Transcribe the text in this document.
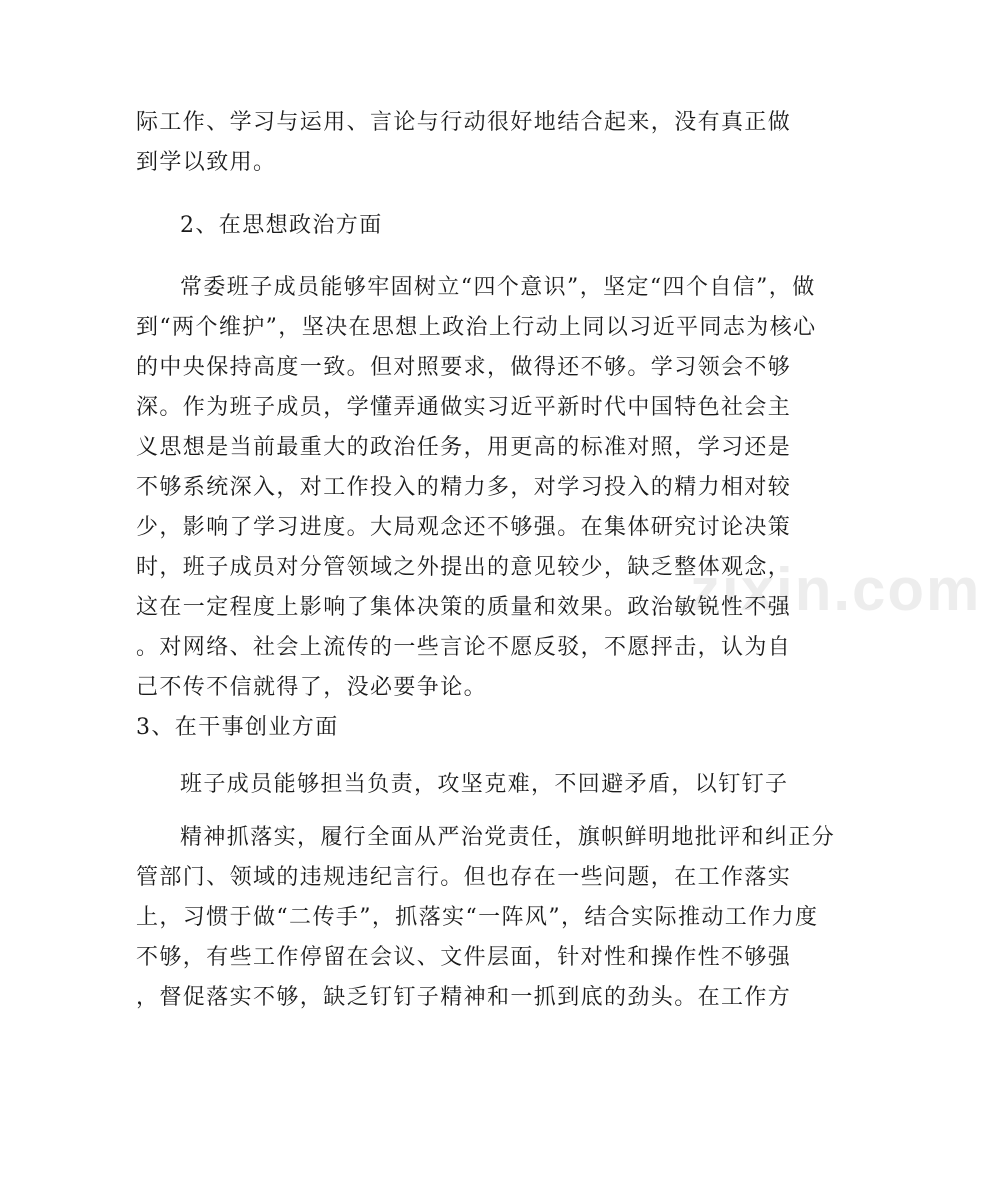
zixin.com
际工作、学习与运用、言论与行动很好地结合起来，没有真正做
到学以致用。
2、在思想政治方面
常委班子成员能够牢固树立“四个意识”，坚定“四个自信”，做
到“两个维护”，坚决在思想上政治上行动上同以习近平同志为核心
的中央保持高度一致。但对照要求，做得还不够。学习领会不够
深。作为班子成员，学懂弄通做实习近平新时代中国特色社会主
义思想是当前最重大的政治任务，用更高的标准对照，学习还是
不够系统深入，对工作投入的精力多，对学习投入的精力相对较
少，影响了学习进度。大局观念还不够强。在集体研究讨论决策
时，班子成员对分管领域之外提出的意见较少，缺乏整体观念，
这在一定程度上影响了集体决策的质量和效果。政治敏锐性不强
。对网络、社会上流传的一些言论不愿反驳，不愿抨击，认为自
己不传不信就得了，没必要争论。
3、在干事创业方面
班子成员能够担当负责，攻坚克难，不回避矛盾，以钉钉子
精神抓落实，履行全面从严治党责任，旗帜鲜明地批评和纠正分
管部门、领域的违规违纪言行。但也存在一些问题，在工作落实
上，习惯于做“二传手”，抓落实“一阵风”，结合实际推动工作力度
不够，有些工作停留在会议、文件层面，针对性和操作性不够强
，督促落实不够，缺乏钉钉子精神和一抓到底的劲头。在工作方
